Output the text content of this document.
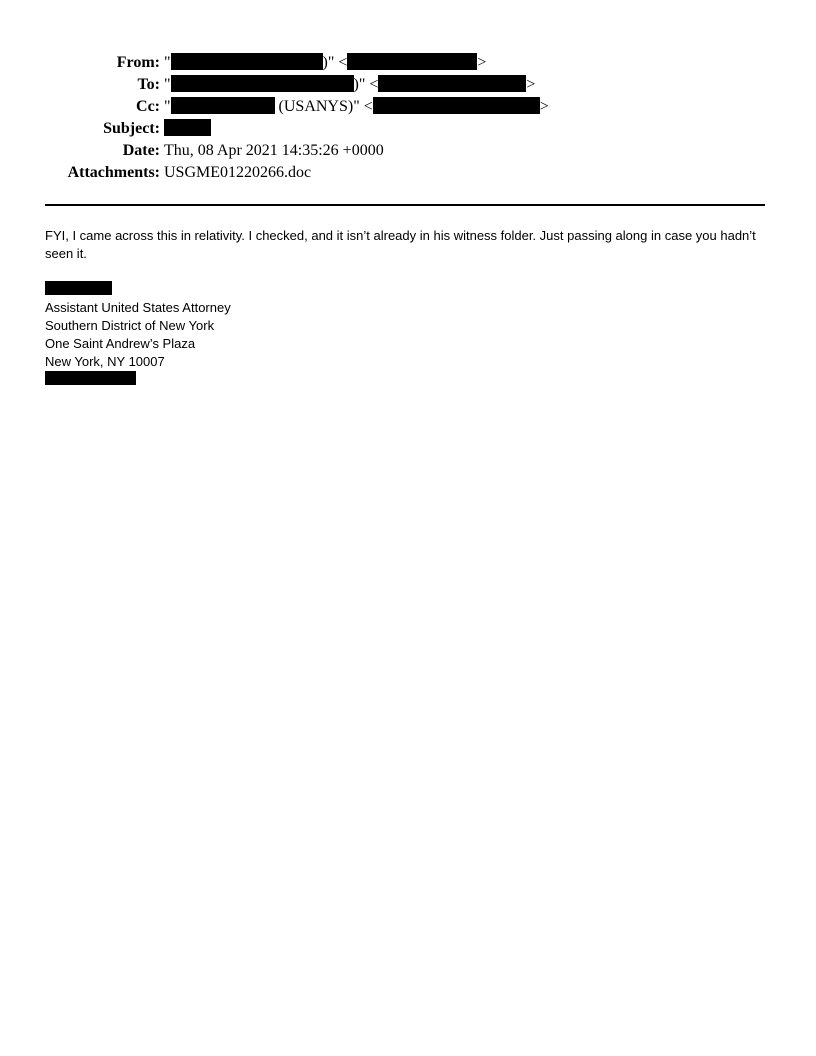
From: "	)" <	>
To: "	)" <	>
Cc: "	(USANYS)" <	>
Subject:
Date: Thu, 08 Apr 2021 14:35:26 +0000
Attachments: USGME01220266.doc
FYI, I came across this in relativity. I checked, and it isn’t already in his witness folder. Just passing along in case you hadn’t seen it.
Assistant United States Attorney
Southern District of New York
One Saint Andrew’s Plaza
New York, NY 10007
